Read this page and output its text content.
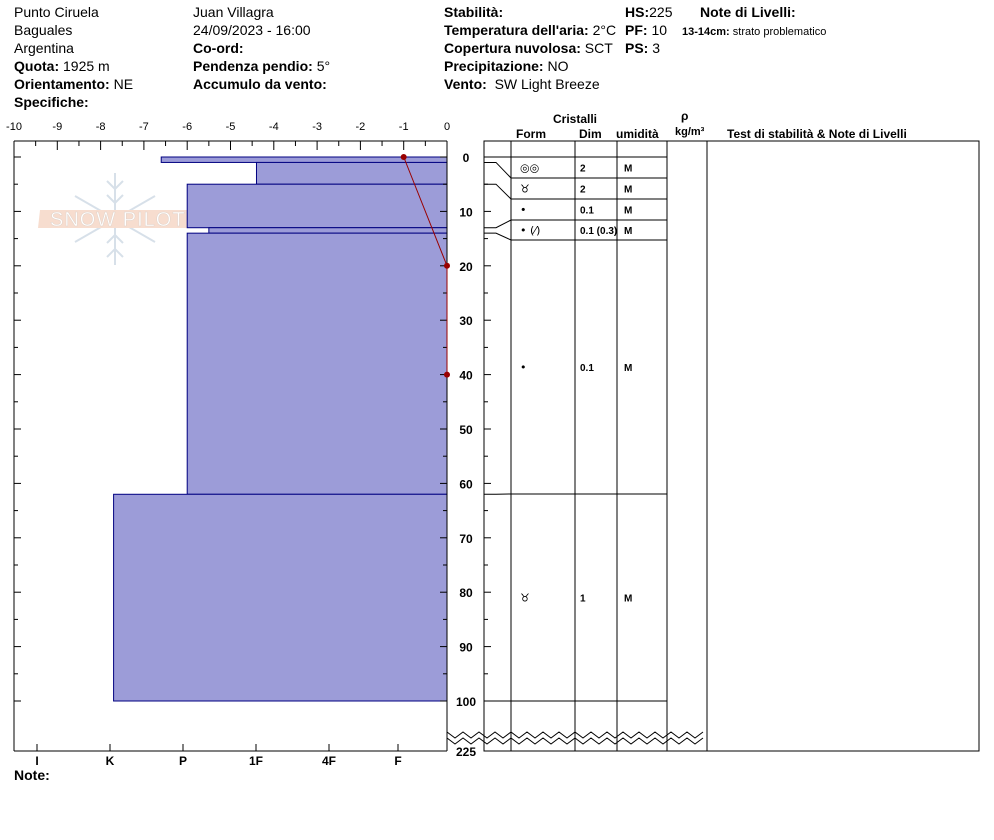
Punto Ciruela
Baguales
Argentina
Quota: 1925 m
Orientamento: NE
Specifiche:
Juan Villagra
24/09/2023 - 16:00
Co-ord:
Pendenza pendio: 5°
Accumulo da vento:
Stabilità:
Temperatura dell'aria: 2°C
Copertura nuvolosa: SCT
Precipitazione: NO
Vento: SW Light Breeze
HS:225
PF: 10
PS: 3
Note di Livelli:
13-14cm: strato problematico
Cristalli
Form	Dim umidità
ρ
kg/m³ Test di stabilità & Note di Livelli
Note:
SNOW PILOT
-10	-9	-8	-7	-6	-5	-4	-3	-2	-1	0
I	K	P	1F	4F	F
0
10
20
30
40
50
60
70
80
90
100
225
◎◎	2	M
♉	2	M
•	0.1	M
• (⁄)	0.1 (0.3) M
•	0.1	M
♉	1	M
